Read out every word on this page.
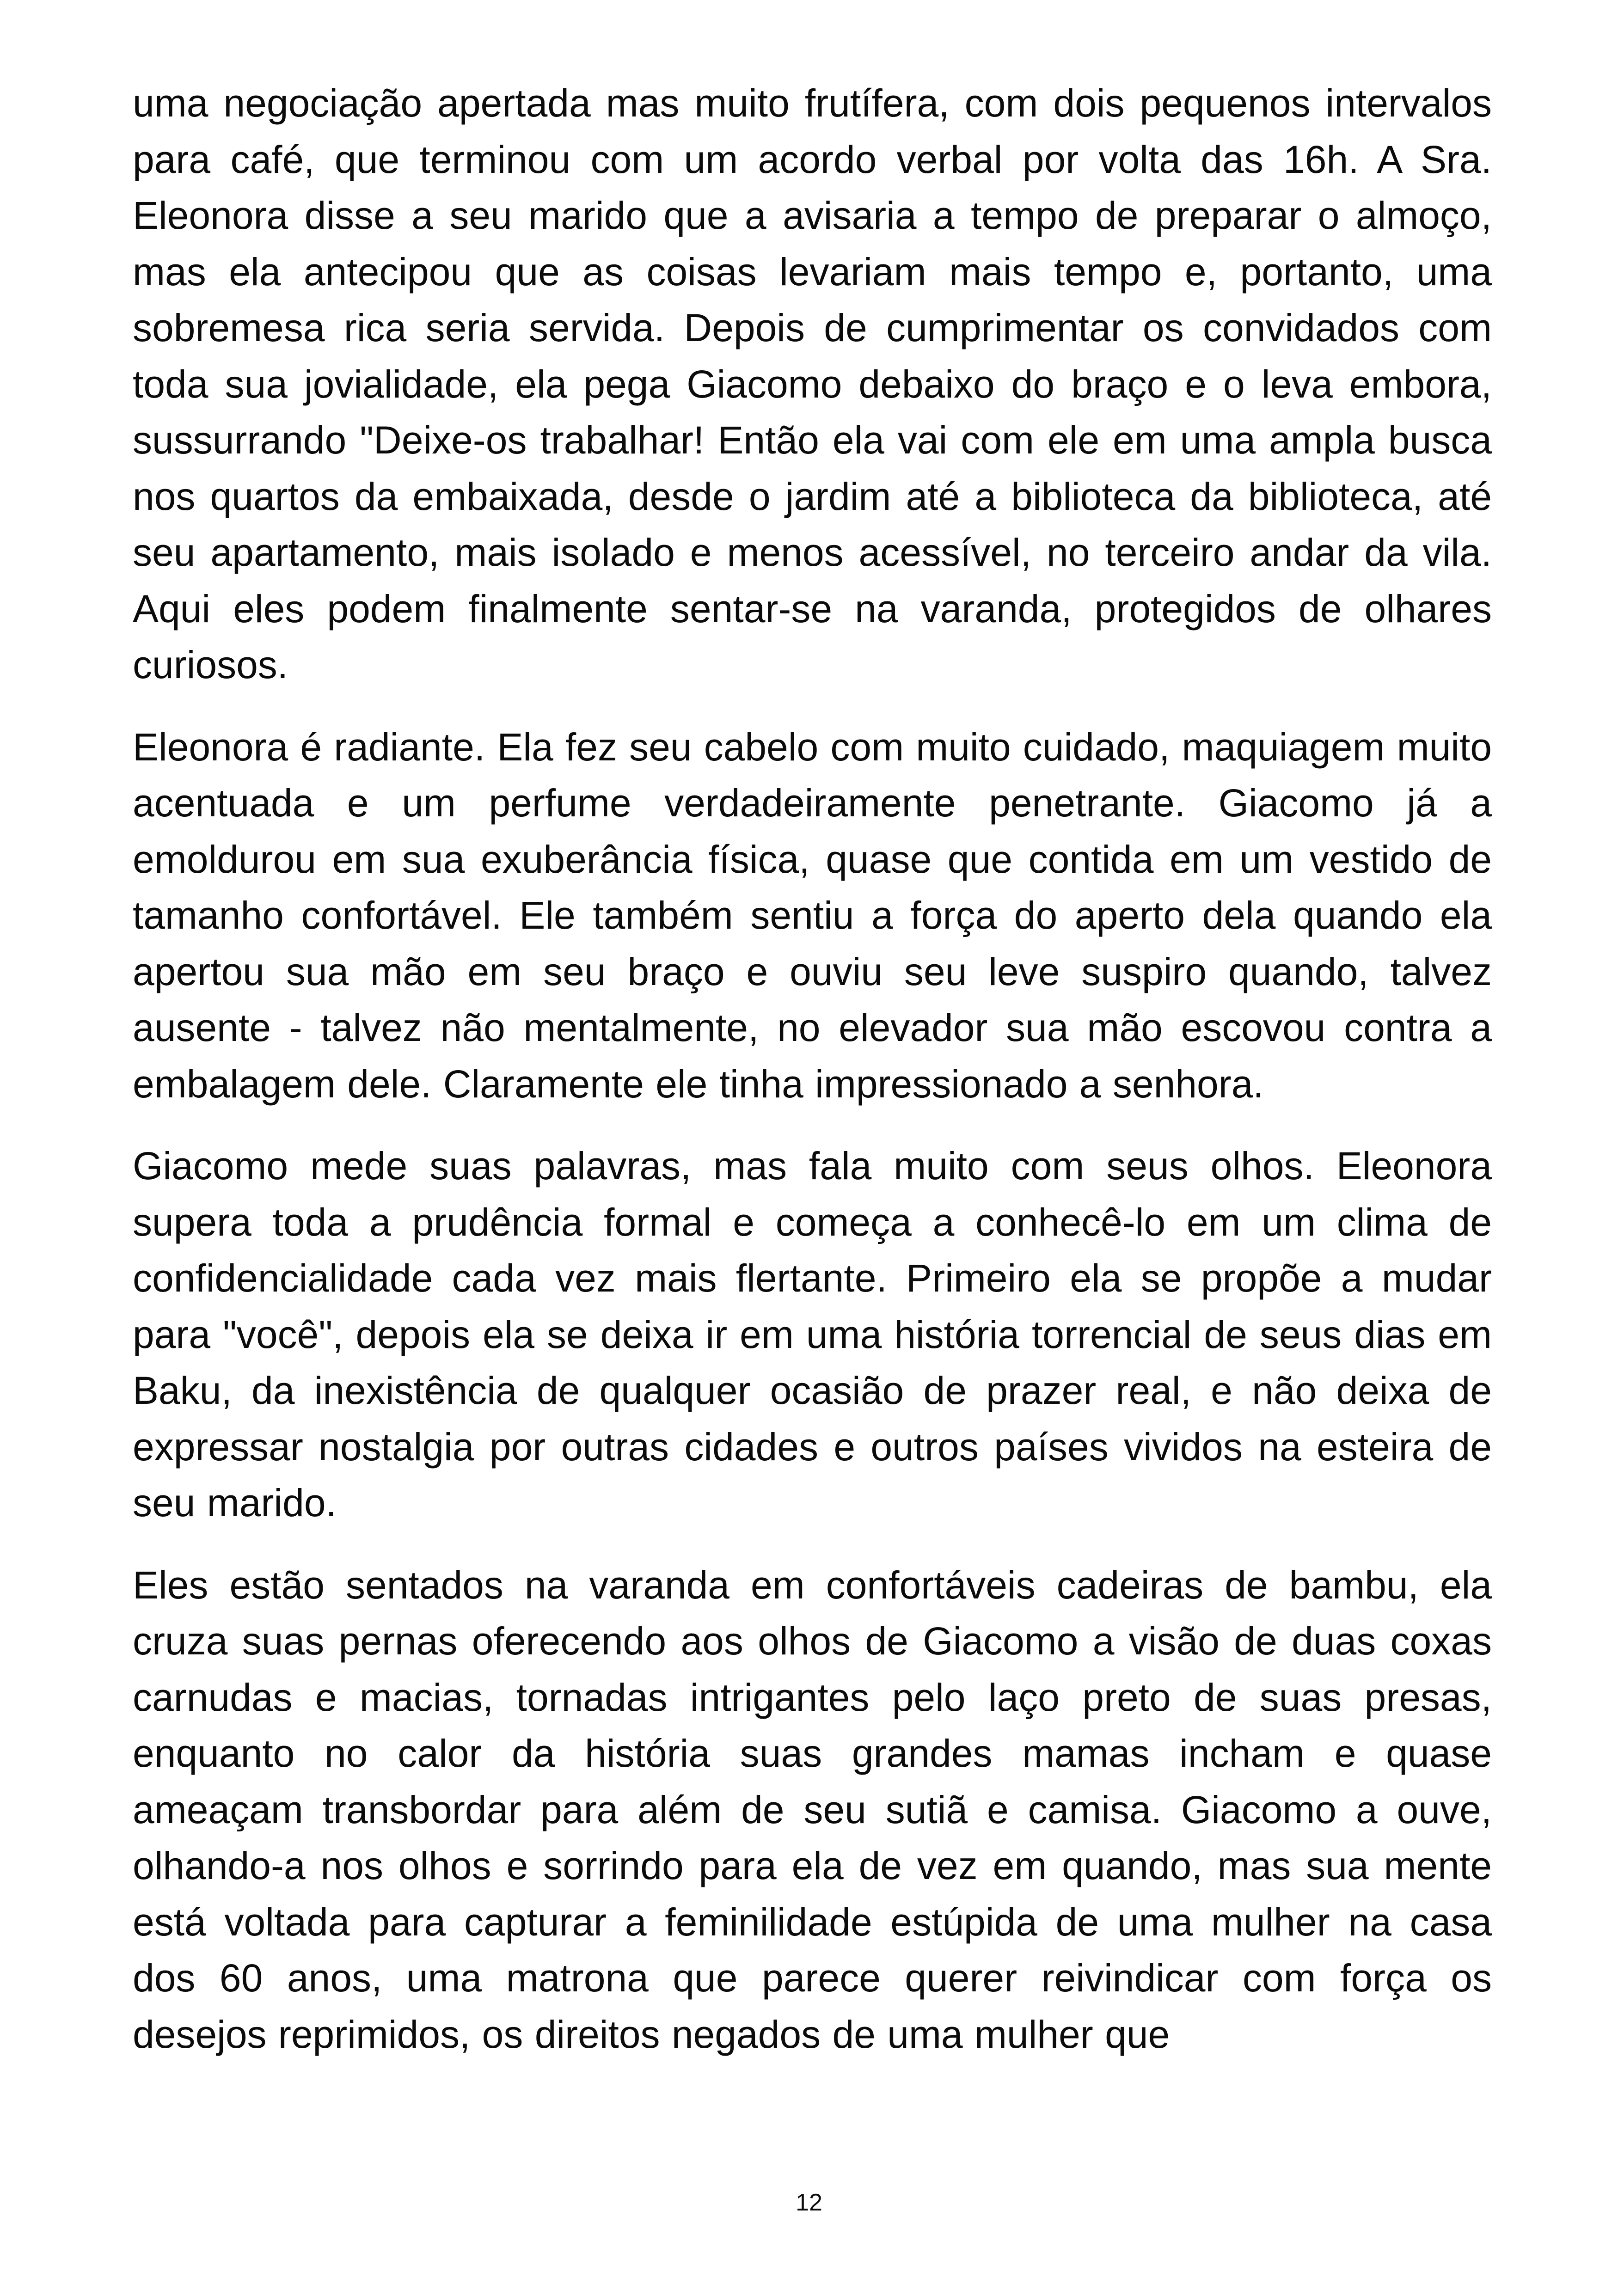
uma negociação apertada mas muito frutífera, com dois pequenos intervalos para café, que terminou com um acordo verbal por volta das 16h. A Sra. Eleonora disse a seu marido que a avisaria a tempo de preparar o almoço, mas ela antecipou que as coisas levariam mais tempo e, portanto, uma sobremesa rica seria servida. Depois de cumprimentar os convidados com toda sua jovialidade, ela pega Giacomo debaixo do braço e o leva embora, sussurrando "Deixe-os trabalhar! Então ela vai com ele em uma ampla busca nos quartos da embaixada, desde o jardim até a biblioteca da biblioteca, até seu apartamento, mais isolado e menos acessível, no terceiro andar da vila. Aqui eles podem finalmente sentar-se na varanda, protegidos de olhares curiosos.

Eleonora é radiante. Ela fez seu cabelo com muito cuidado, maquiagem muito acentuada e um perfume verdadeiramente penetrante. Giacomo já a emoldurou em sua exuberância física, quase que contida em um vestido de tamanho confortável. Ele também sentiu a força do aperto dela quando ela apertou sua mão em seu braço e ouviu seu leve suspiro quando, talvez ausente - talvez não mentalmente, no elevador sua mão escovou contra a embalagem dele. Claramente ele tinha impressionado a senhora.

Giacomo mede suas palavras, mas fala muito com seus olhos. Eleonora supera toda a prudência formal e começa a conhecê-lo em um clima de confidencialidade cada vez mais flertante. Primeiro ela se propõe a mudar para "você", depois ela se deixa ir em uma história torrencial de seus dias em Baku, da inexistência de qualquer ocasião de prazer real, e não deixa de expressar nostalgia por outras cidades e outros países vividos na esteira de seu marido.

Eles estão sentados na varanda em confortáveis cadeiras de bambu, ela cruza suas pernas oferecendo aos olhos de Giacomo a visão de duas coxas carnudas e macias, tornadas intrigantes pelo laço preto de suas presas, enquanto no calor da história suas grandes mamas incham e quase ameaçam transbordar para além de seu sutiã e camisa. Giacomo a ouve, olhando-a nos olhos e sorrindo para ela de vez em quando, mas sua mente está voltada para capturar a feminilidade estúpida de uma mulher na casa dos 60 anos, uma matrona que parece querer reivindicar com força os desejos reprimidos, os direitos negados de uma mulher que

12
